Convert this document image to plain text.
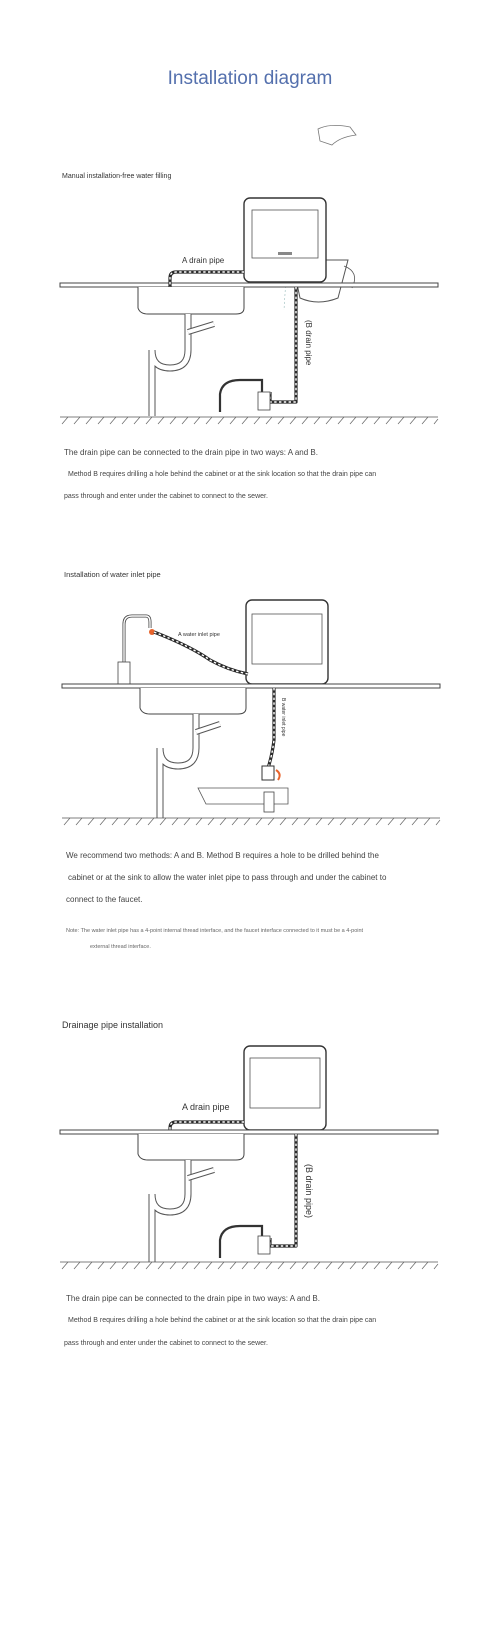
Installation diagram
Manual installation-free water filling
A drain pipe
(B drain pipe
The drain pipe can be connected to the drain pipe in two ways: A and B.
Method B requires drilling a hole behind the cabinet or at the sink location so that the drain pipe can
pass through and enter under the cabinet to connect to the sewer.
Installation of water inlet pipe
A water inlet pipe
B water inlet pipe
We recommend two methods: A and B. Method B requires a hole to be drilled behind the
cabinet or at the sink to allow the water inlet pipe to pass through and under the cabinet to
connect to the faucet.
Note: The water inlet pipe has a 4-point internal thread interface, and the faucet interface connected to it must be a 4-point
external thread interface.
Drainage pipe installation
A drain pipe
(B drain pipe)
The drain pipe can be connected to the drain pipe in two ways: A and B.
Method B requires drilling a hole behind the cabinet or at the sink location so that the drain pipe can
pass through and enter under the cabinet to connect to the sewer.
